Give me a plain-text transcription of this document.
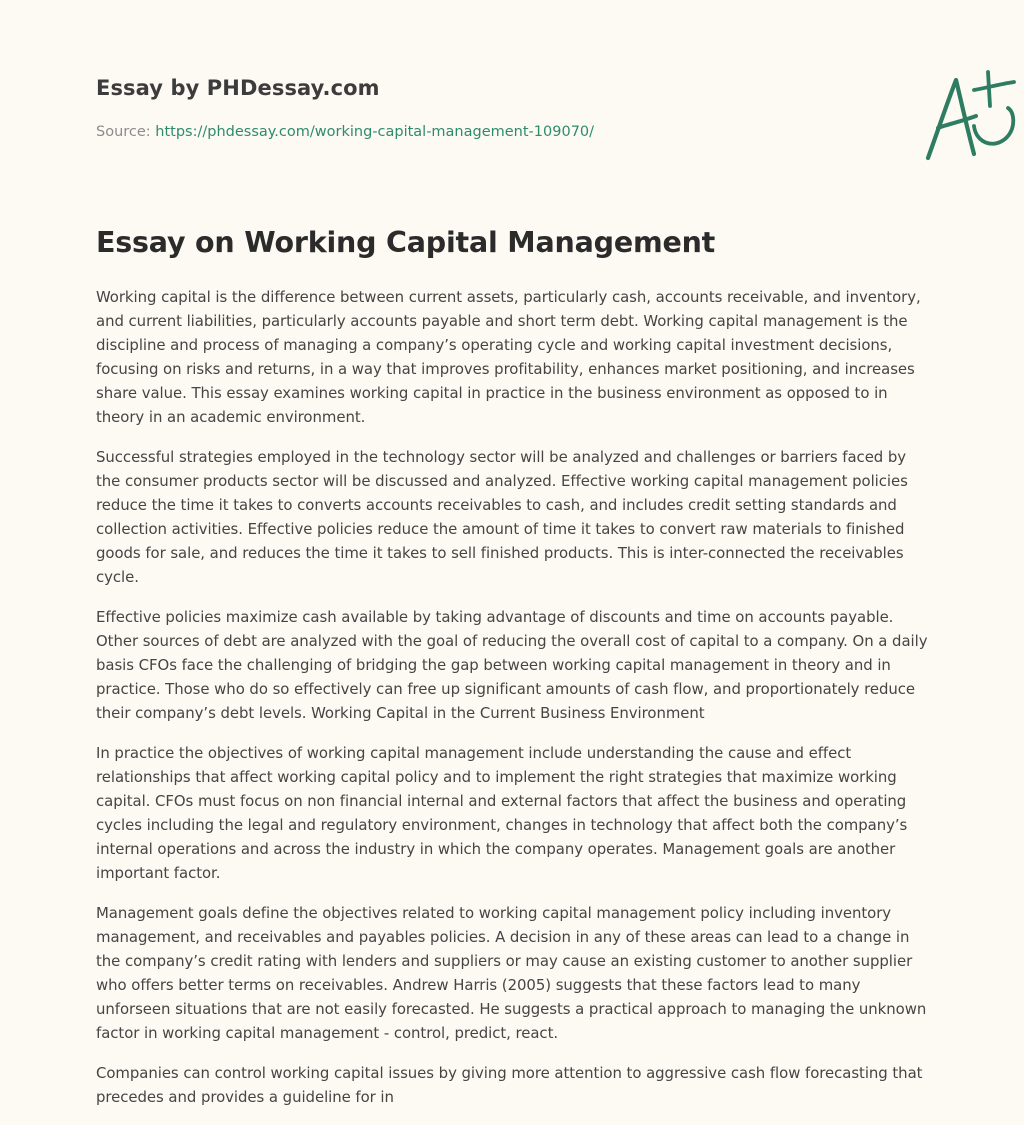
Essay by PHDessay.com
Source: https://phdessay.com/working-capital-management-109070/
Essay on Working Capital Management

Working capital is the difference between current assets, particularly cash, accounts receivable, and inventory, and current liabilities, particularly accounts payable and short term debt. Working capital management is the discipline and process of managing a company’s operating cycle and working capital investment decisions, focusing on risks and returns, in a way that improves profitability, enhances market positioning, and increases share value. This essay examines working capital in practice in the business environment as opposed to in theory in an academic environment.

Successful strategies employed in the technology sector will be analyzed and challenges or barriers faced by the consumer products sector will be discussed and analyzed. Effective working capital management policies reduce the time it takes to converts accounts receivables to cash, and includes credit setting standards and collection activities. Effective policies reduce the amount of time it takes to convert raw materials to finished goods for sale, and reduces the time it takes to sell finished products. This is inter-connected the receivables cycle.

Effective policies maximize cash available by taking advantage of discounts and time on accounts payable. Other sources of debt are analyzed with the goal of reducing the overall cost of capital to a company. On a daily basis CFOs face the challenging of bridging the gap between working capital management in theory and in practice. Those who do so effectively can free up significant amounts of cash flow, and proportionately reduce their company’s debt levels. Working Capital in the Current Business Environment

In practice the objectives of working capital management include understanding the cause and effect relationships that affect working capital policy and to implement the right strategies that maximize working capital. CFOs must focus on non financial internal and external factors that affect the business and operating cycles including the legal and regulatory environment, changes in technology that affect both the company’s internal operations and across the industry in which the company operates. Management goals are another important factor.

Management goals define the objectives related to working capital management policy including inventory management, and receivables and payables policies. A decision in any of these areas can lead to a change in the company’s credit rating with lenders and suppliers or may cause an existing customer to another supplier who offers better terms on receivables. Andrew Harris (2005) suggests that these factors lead to many unforseen situations that are not easily forecasted. He suggests a practical approach to managing the unknown factor in working capital management - control, predict, react.

Companies can control working capital issues by giving more attention to aggressive cash flow forecasting that precedes and provides a guideline for in
